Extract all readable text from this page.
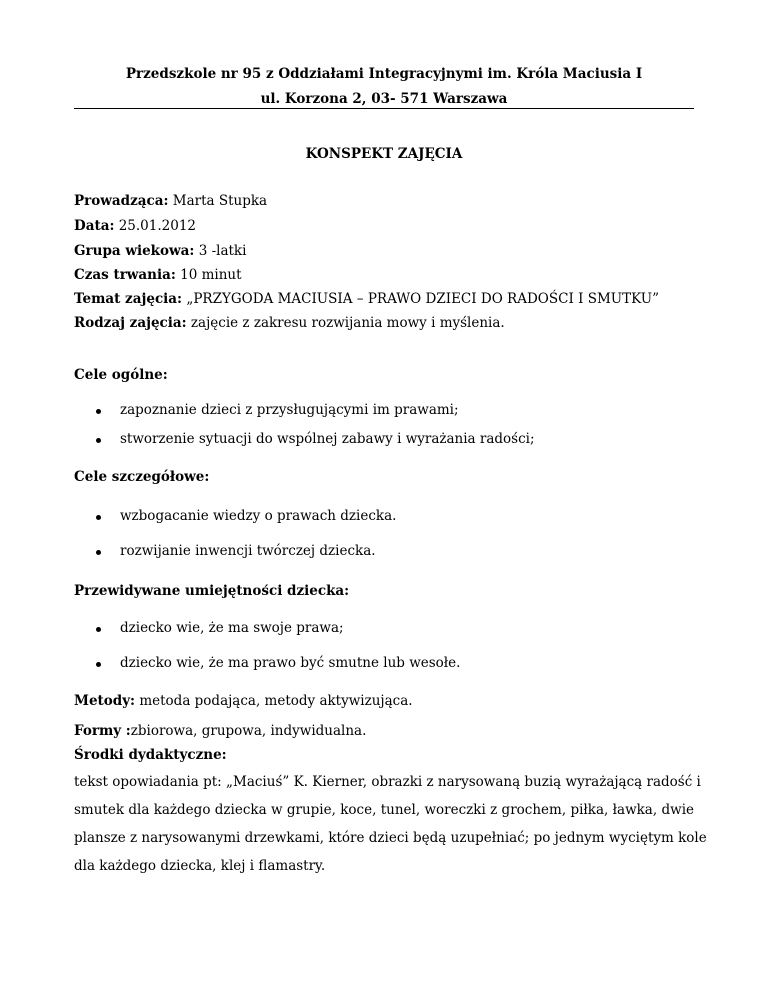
Przedszkole nr 95 z Oddziałami Integracyjnymi im. Króla Maciusia I
ul. Korzona 2, 03- 571 Warszawa
KONSPEKT ZAJĘCIA
Prowadząca: Marta Stupka
Data: 25.01.2012
Grupa wiekowa: 3 -latki
Czas trwania: 10 minut
Temat zajęcia: „PRZYGODA MACIUSIA – PRAWO DZIECI DO RADOŚCI I SMUTKU”
Rodzaj zajęcia: zajęcie z zakresu rozwijania mowy i myślenia.
Cele ogólne:
zapoznanie dzieci z przysługującymi im prawami;
stworzenie sytuacji do wspólnej zabawy i wyrażania radości;
Cele szczegółowe:
wzbogacanie wiedzy o prawach dziecka.
rozwijanie inwencji twórczej dziecka.
Przewidywane umiejętności dziecka:
dziecko wie, że ma swoje prawa;
dziecko wie, że ma prawo być smutne lub wesołe.
Metody: metoda podająca, metody aktywizująca.
Formy :zbiorowa, grupowa, indywidualna.
Środki dydaktyczne:
tekst opowiadania pt: „Maciuś” K. Kierner, obrazki z narysowaną buzią wyrażającą radość i
smutek dla każdego dziecka w grupie, koce, tunel, woreczki z grochem, piłka, ławka, dwie
plansze z narysowanymi drzewkami, które dzieci będą uzupełniać; po jednym wyciętym kole
dla każdego dziecka, klej i flamastry.
